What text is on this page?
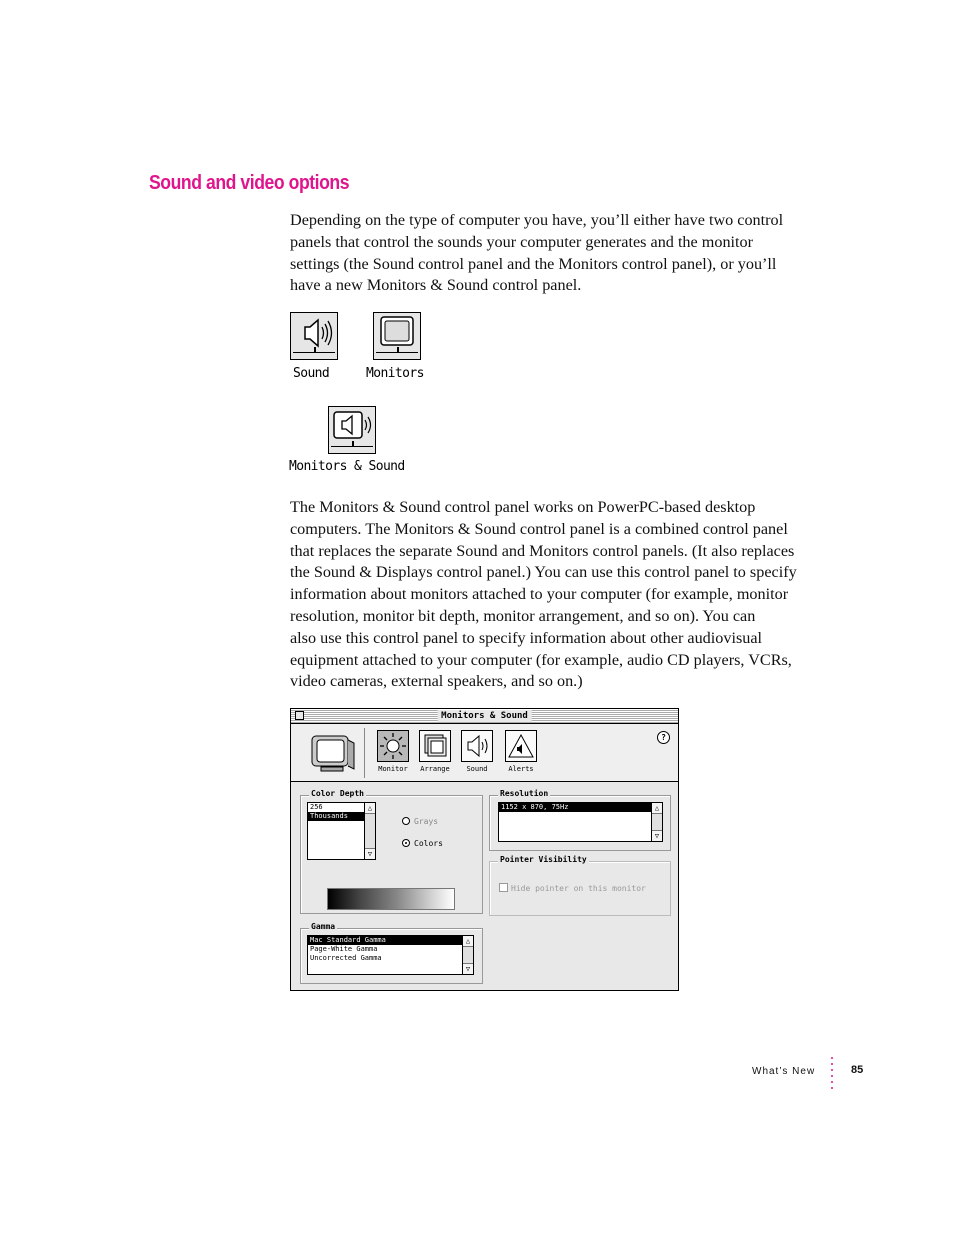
Sound and video options
Depending on the type of computer you have, you’ll either have two control
panels that control the sounds your computer generates and the monitor
settings (the Sound control panel and the Monitors control panel), or you’ll
have a new Monitors & Sound control panel.
Sound	Monitors
Monitors & Sound
The Monitors & Sound control panel works on PowerPC-based desktop
computers. The Monitors & Sound control panel is a combined control panel
that replaces the separate Sound and Monitors control panels. (It also replaces
the Sound & Displays control panel.) You can use this control panel to specify
information about monitors attached to your computer (for example, monitor
resolution, monitor bit depth, monitor arrangement, and so on). You can
also use this control panel to specify information about other audiovisual
equipment attached to your computer (for example, audio CD players, VCRs,
video cameras, external speakers, and so on.)
Monitors & Sound
Monitor	Arrange	Sound	Alerts
?
Color Depth
256
Thousands
△
▽
Grays
Colors
Resolution
1152 x 870, 75Hz	△
▽
Pointer Visibility
Hide pointer on this monitor
Gamma
Mac Standard Gamma
Page-White Gamma
Uncorrected Gamma
△
▽
What’s New	85
